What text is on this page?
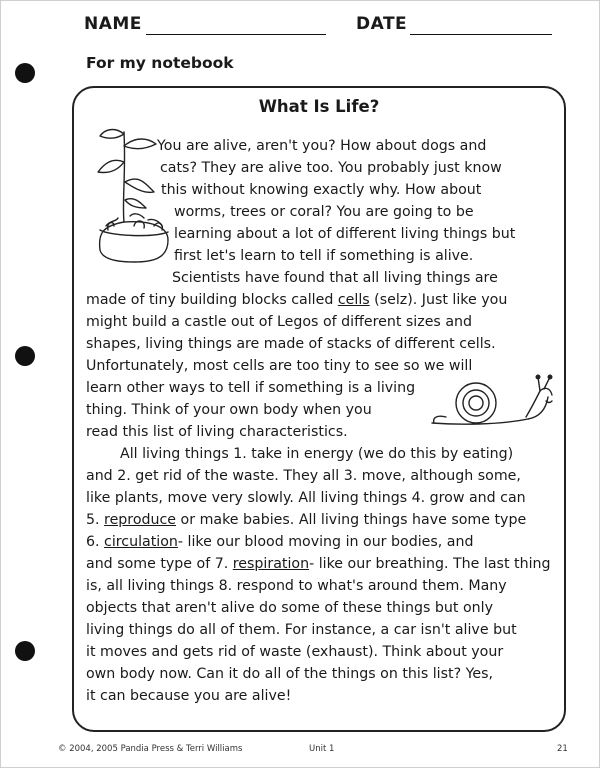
NAME	DATE
For my notebook
What Is Life?
You are alive, aren't you? How about dogs and
cats? They are alive too. You probably just know
this without knowing exactly why. How about
worms, trees or coral? You are going to be
learning about a lot of different living things but
first let's learn to tell if something is alive.
Scientists have found that all living things are
made of tiny building blocks called cells (selz). Just like you
might build a castle out of Legos of different sizes and
shapes, living things are made of stacks of different cells.
Unfortunately, most cells are too tiny to see so we will
learn other ways to tell if something is a living
thing. Think of your own body when you
read this list of living characteristics.
All living things 1. take in energy (we do this by eating)
and 2. get rid of the waste. They all 3. move, although some,
like plants, move very slowly. All living things 4. grow and can
5. reproduce or make babies. All living things have some type
6. circulation- like our blood moving in our bodies, and
and some type of 7. respiration- like our breathing. The last thing
is, all living things 8. respond to what's around them. Many
objects that aren't alive do some of these things but only
living things do all of them. For instance, a car isn't alive but
it moves and gets rid of waste (exhaust). Think about your
own body now. Can it do all of the things on this list? Yes,
it can because you are alive!
© 2004, 2005 Pandia Press & Terri Williams	Unit 1	21
